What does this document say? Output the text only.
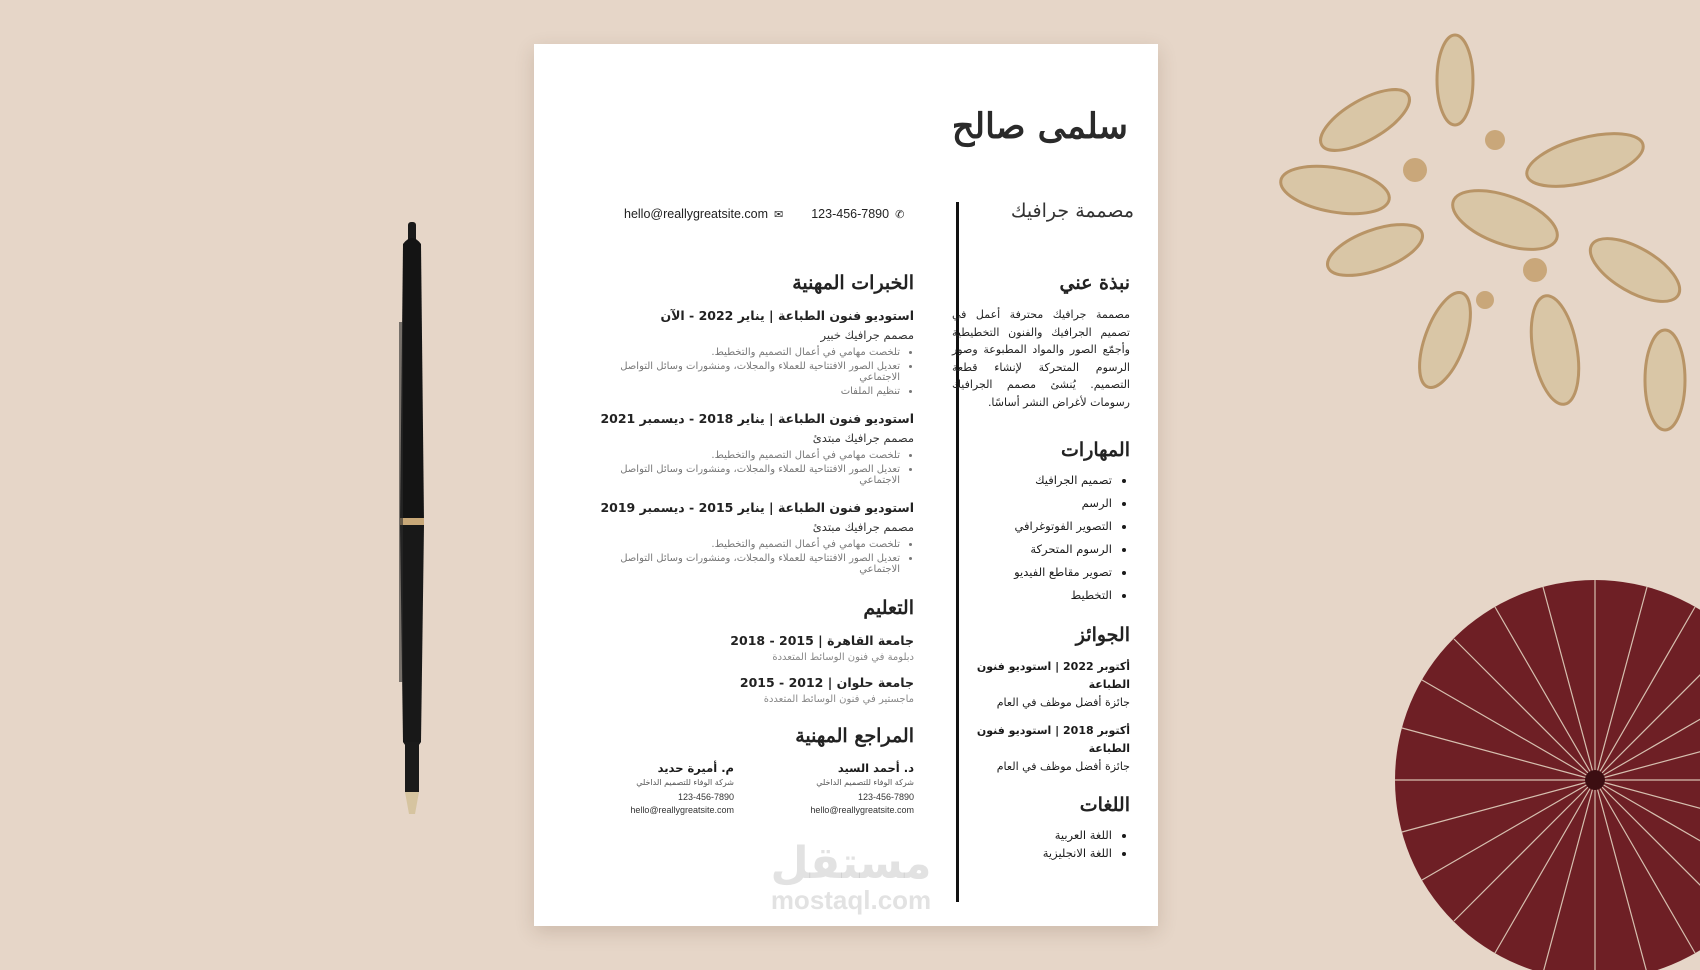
سلمى صالح
مصممة جرافيك
hello@reallygreatsite.com ✉ 123-456-7890 ✆
نبذة عني

مصممة جرافيك محترفة أعمل في تصميم الجرافيك والفنون التخطيطية وأجمّع الصور والمواد المطبوعة وصور الرسوم المتحركة لإنشاء قطعة التصميم. يُنشئ مصمم الجرافيك رسومات لأغراض النشر أساسًا.

المهارات
• تصميم الجرافيك
• الرسم
• التصوير الفوتوغرافي
• الرسوم المتحركة
• تصوير مقاطع الفيديو
• التخطيط
الجوائز
أكتوبر 2022 | استوديو فنون الطباعة
جائزة أفضل موظف في العام
أكتوبر 2018 | استوديو فنون الطباعة
جائزة أفضل موظف في العام
اللغات
• اللغة العربية
• اللغة الانجليزية
الخبرات المهنية
استوديو فنون الطباعة | يناير 2022 - الآن
مصمم جرافيك خبير
• تلخصت مهامي في أعمال التصميم والتخطيط.
• تعديل الصور الافتتاحية للعملاء والمجلات، ومنشورات وسائل التواصل الاجتماعي
• تنظيم الملفات
استوديو فنون الطباعة | يناير 2018 - ديسمبر 2021
مصمم جرافيك مبتدئ
• تلخصت مهامي في أعمال التصميم والتخطيط.
• تعديل الصور الافتتاحية للعملاء والمجلات، ومنشورات وسائل التواصل الاجتماعي
استوديو فنون الطباعة | يناير 2015 - ديسمبر 2019
مصمم جرافيك مبتدئ
• تلخصت مهامي في أعمال التصميم والتخطيط.
• تعديل الصور الافتتاحية للعملاء والمجلات، ومنشورات وسائل التواصل الاجتماعي
التعليم
جامعة القاهرة | 2015 - 2018
دبلومة في فنون الوسائط المتعددة
جامعة حلوان | 2012 - 2015
ماجستير في فنون الوسائط المتعددة
المراجع المهنية
د. أحمد السيد
شركة الوفاء للتصميم الداخلي
123-456-7890
hello@reallygreatsite.com
م. أميرة حديد
شركة الوفاء للتصميم الداخلي
123-456-7890
hello@reallygreatsite.com
مستقل
mostaql.com
